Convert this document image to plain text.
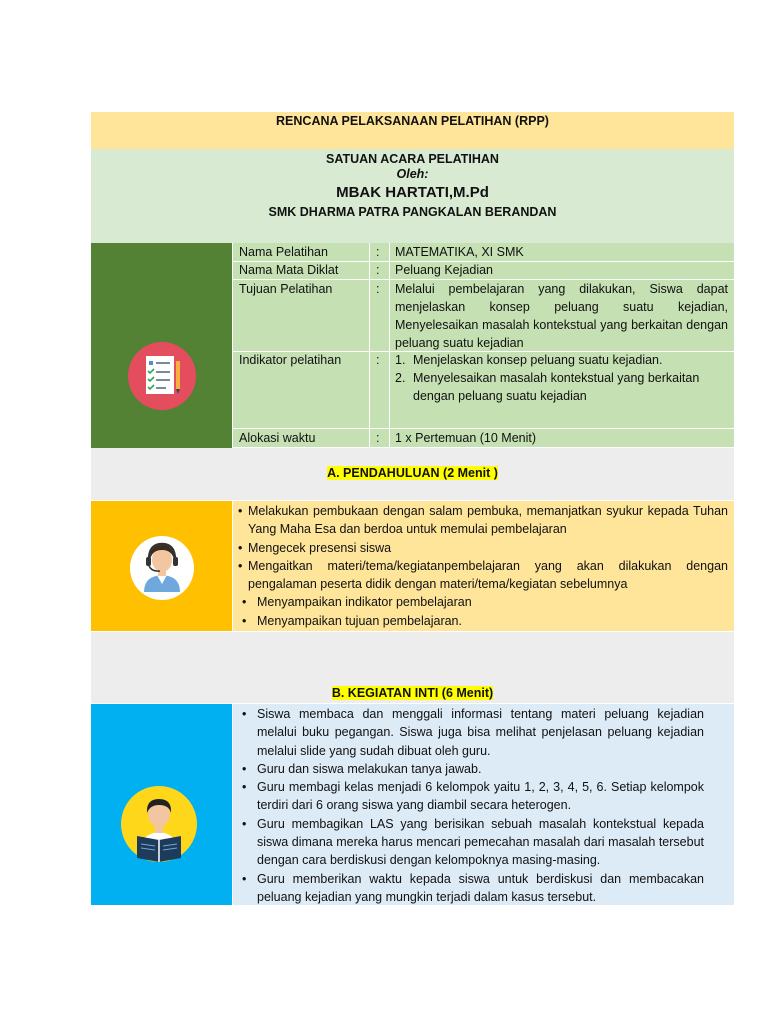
RENCANA PELAKSANAAN PELATIHAN (RPP)
SATUAN ACARA PELATIHAN
Oleh:
MBAK HARTATI,M.Pd
SMK DHARMA PATRA PANGKALAN BERANDAN
Nama Pelatihan	: MATEMATIKA, XI SMK
Nama Mata Diklat	: Peluang Kejadian
Tujuan Pelatihan	: Melalui pembelajaran yang dilakukan, Siswa dapat menjelaskan konsep peluang suatu kejadian, Menyelesaikan masalah kontekstual yang berkaitan dengan peluang suatu kejadian
Indikator pelatihan	: 1. Menjelaskan konsep peluang suatu kejadian.
2. Menyelesaikan masalah kontekstual yang berkaitan dengan peluang suatu kejadian
Alokasi waktu	: 1 x Pertemuan (10 Menit)
A. PENDAHULUAN (2 Menit )
• Melakukan pembukaan dengan salam pembuka, memanjatkan syukur kepada Tuhan Yang Maha Esa dan berdoa untuk memulai pembelajaran
• Mengecek presensi siswa
• Mengaitkan materi/tema/kegiatanpembelajaran yang akan dilakukan dengan pengalaman peserta didik dengan materi/tema/kegiatan sebelumnya
• Menyampaikan indikator pembelajaran
• Menyampaikan tujuan pembelajaran.
B. KEGIATAN INTI (6 Menit)
• Siswa membaca dan menggali informasi tentang materi peluang kejadian melalui buku pegangan. Siswa juga bisa melihat penjelasan peluang kejadian melalui slide yang sudah dibuat oleh guru.
• Guru dan siswa melakukan tanya jawab.
• Guru membagi kelas menjadi 6 kelompok yaitu 1, 2, 3, 4, 5, 6. Setiap kelompok terdiri dari 6 orang siswa yang diambil secara heterogen.
• Guru membagikan LAS yang berisikan sebuah masalah kontekstual kepada siswa dimana mereka harus mencari pemecahan masalah dari masalah tersebut dengan cara berdiskusi dengan kelompoknya masing-masing.
• Guru memberikan waktu kepada siswa untuk berdiskusi dan membacakan peluang kejadian yang mungkin terjadi dalam kasus tersebut.
